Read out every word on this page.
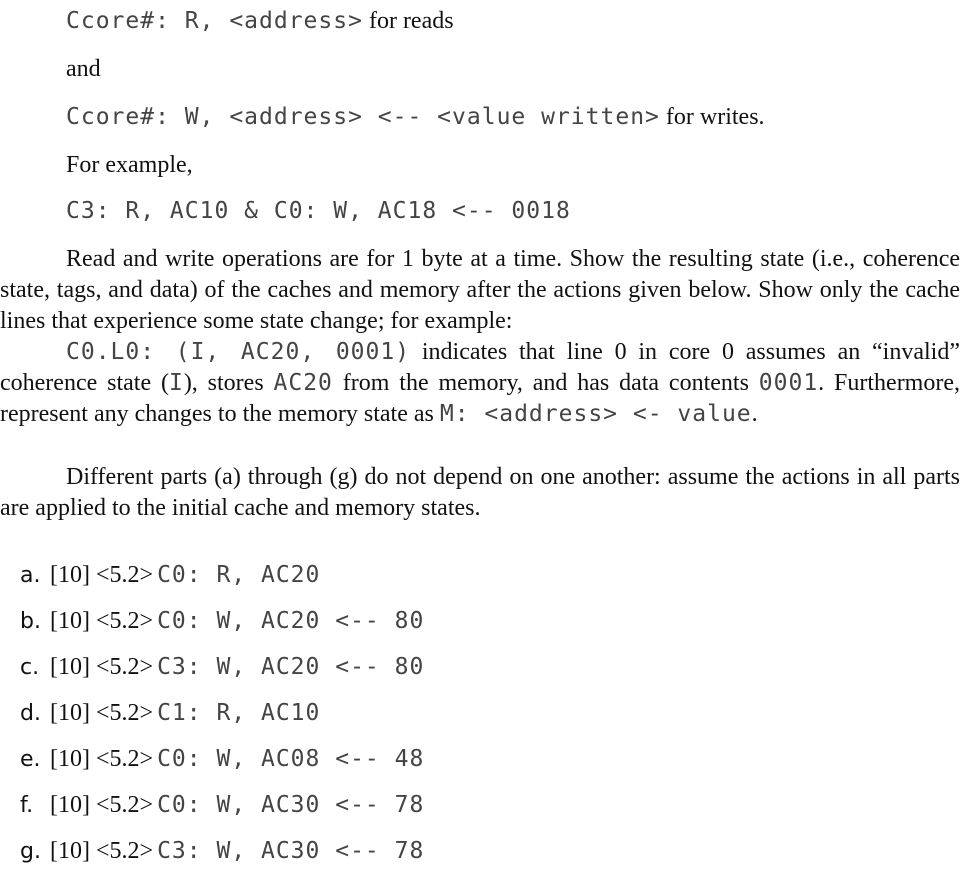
Ccore#: R, <address> for reads
and
Ccore#: W, <address> <-- <value written> for writes.
For example,
C3: R, AC10 & C0: W, AC18 <-- 0018
Read and write operations are for 1 byte at a time. Show the resulting state (i.e., coherence state, tags, and data) of the caches and memory after the actions given below. Show only the cache lines that experience some state change; for example:
C0.L0: (I, AC20, 0001) indicates that line 0 in core 0 assumes an “invalid” coherence state (I), stores AC20 from the memory, and has data contents 0001. Furthermore, represent any changes to the memory state as M: <address> <- value.
Different parts (a) through (g) do not depend on one another: assume the actions in all parts are applied to the initial cache and memory states.
a. [10] <5.2> C0: R, AC20
b. [10] <5.2> C0: W, AC20 <-- 80
c. [10] <5.2> C3: W, AC20 <-- 80
d. [10] <5.2> C1: R, AC10
e. [10] <5.2> C0: W, AC08 <-- 48
f. [10] <5.2> C0: W, AC30 <-- 78
g. [10] <5.2> C3: W, AC30 <-- 78
